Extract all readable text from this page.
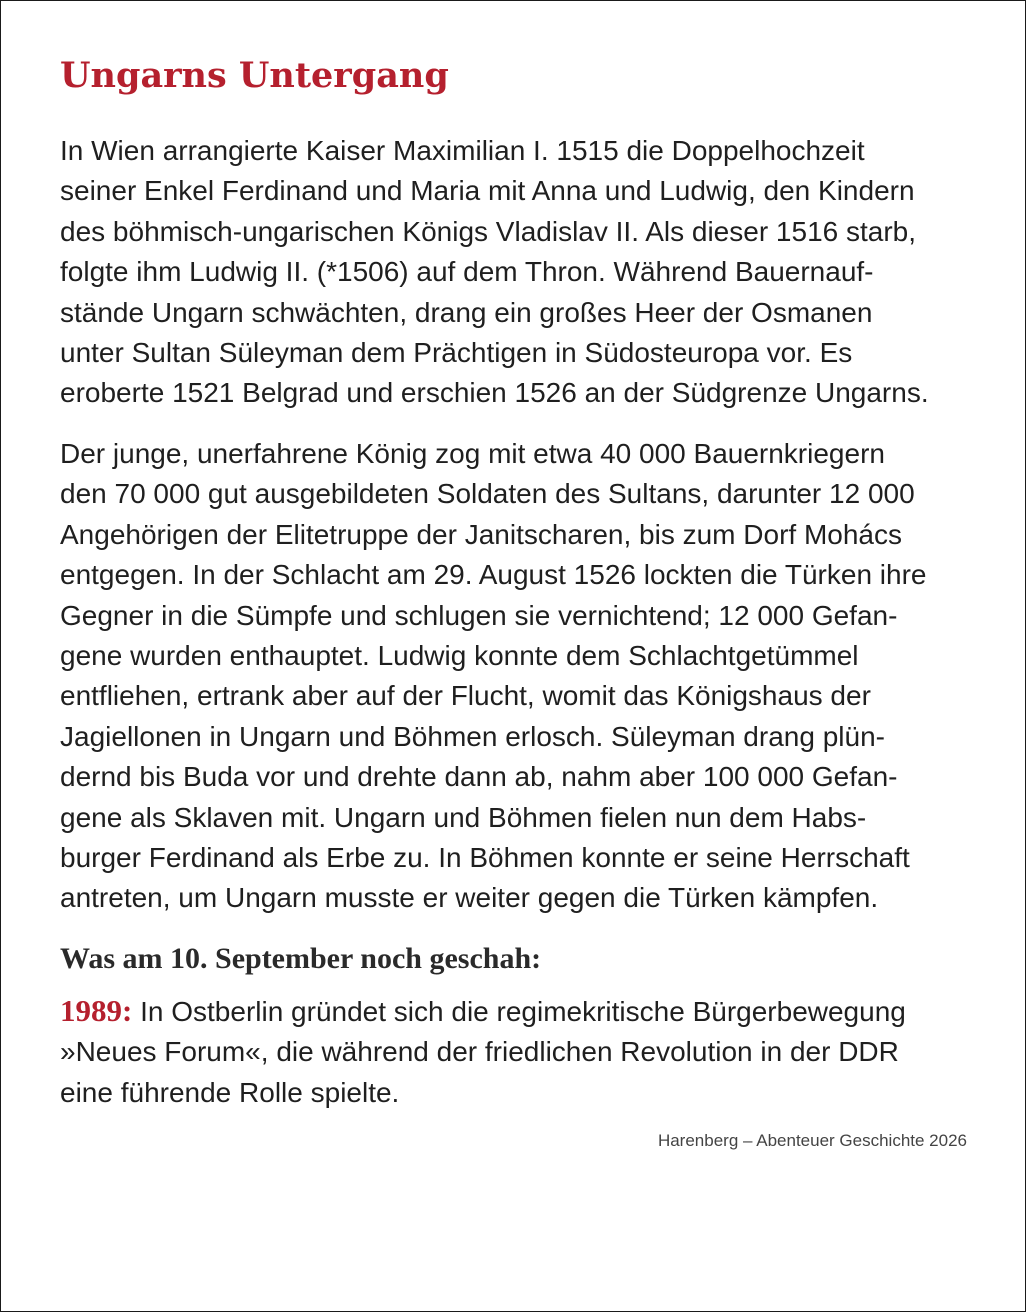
Ungarns Untergang

In Wien arrangierte Kaiser Maximilian I. 1515 die Doppelhochzeit
seiner Enkel Ferdinand und Maria mit Anna und Ludwig, den Kindern
des böhmisch-ungarischen Königs Vladislav II. Als dieser 1516 starb,
folgte ihm Ludwig II. (*1506) auf dem Thron. Während Bauernauf-
stände Ungarn schwächten, drang ein großes Heer der Osmanen
unter Sultan Süleyman dem Prächtigen in Südosteuropa vor. Es
eroberte 1521 Belgrad und erschien 1526 an der Südgrenze Ungarns.

Der junge, unerfahrene König zog mit etwa 40 000 Bauernkriegern
den 70 000 gut ausgebildeten Soldaten des Sultans, darunter 12 000
Angehörigen der Elitetruppe der Janitscharen, bis zum Dorf Mohács
entgegen. In der Schlacht am 29. August 1526 lockten die Türken ihre
Gegner in die Sümpfe und schlugen sie vernichtend; 12 000 Gefan-
gene wurden enthauptet. Ludwig konnte dem Schlachtgetümmel
entfliehen, ertrank aber auf der Flucht, womit das Königshaus der
Jagiellonen in Ungarn und Böhmen erlosch. Süleyman drang plün-
dernd bis Buda vor und drehte dann ab, nahm aber 100 000 Gefan-
gene als Sklaven mit. Ungarn und Böhmen fielen nun dem Habs-
burger Ferdinand als Erbe zu. In Böhmen konnte er seine Herrschaft
antreten, um Ungarn musste er weiter gegen die Türken kämpfen.

Was am 10. September noch geschah:

1989: In Ostberlin gründet sich die regimekritische Bürgerbewegung
»Neues Forum«, die während der friedlichen Revolution in der DDR
eine führende Rolle spielte.

Harenberg – Abenteuer Geschichte 2026
